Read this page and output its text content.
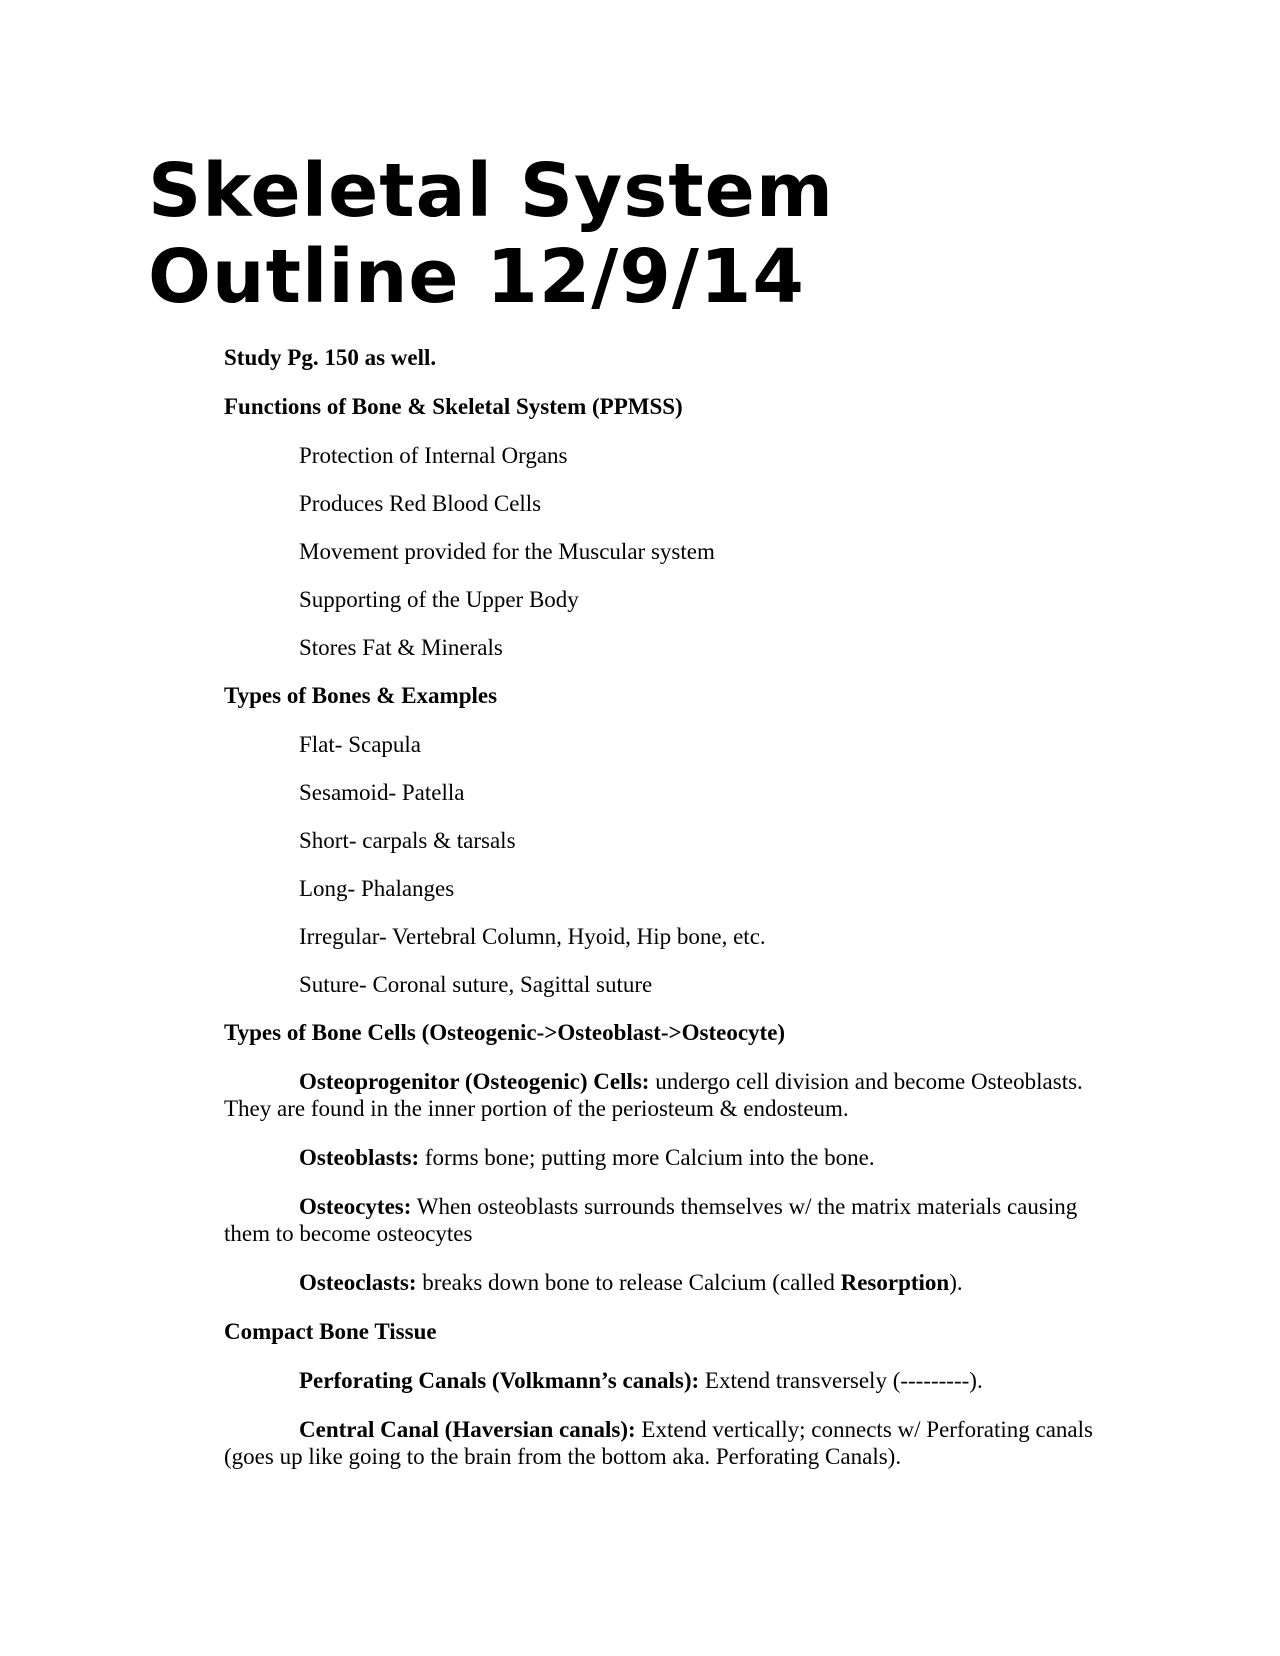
Skeletal System
Outline 12/9/14

Study Pg. 150 as well.

Functions of Bone & Skeletal System (PPMSS)

Protection of Internal Organs

Produces Red Blood Cells

Movement provided for the Muscular system

Supporting of the Upper Body

Stores Fat & Minerals

Types of Bones & Examples

Flat- Scapula

Sesamoid- Patella

Short- carpals & tarsals

Long- Phalanges

Irregular- Vertebral Column, Hyoid, Hip bone, etc.

Suture- Coronal suture, Sagittal suture

Types of Bone Cells (Osteogenic->Osteoblast->Osteocyte)

Osteoprogenitor (Osteogenic) Cells: undergo cell division and become Osteoblasts. They are found in the inner portion of the periosteum & endosteum.

Osteoblasts: forms bone; putting more Calcium into the bone.

Osteocytes: When osteoblasts surrounds themselves w/ the matrix materials causing them to become osteocytes

Osteoclasts: breaks down bone to release Calcium (called Resorption).

Compact Bone Tissue

Perforating Canals (Volkmann’s canals): Extend transversely (---------).

Central Canal (Haversian canals): Extend vertically; connects w/ Perforating canals (goes up like going to the brain from the bottom aka. Perforating Canals).
